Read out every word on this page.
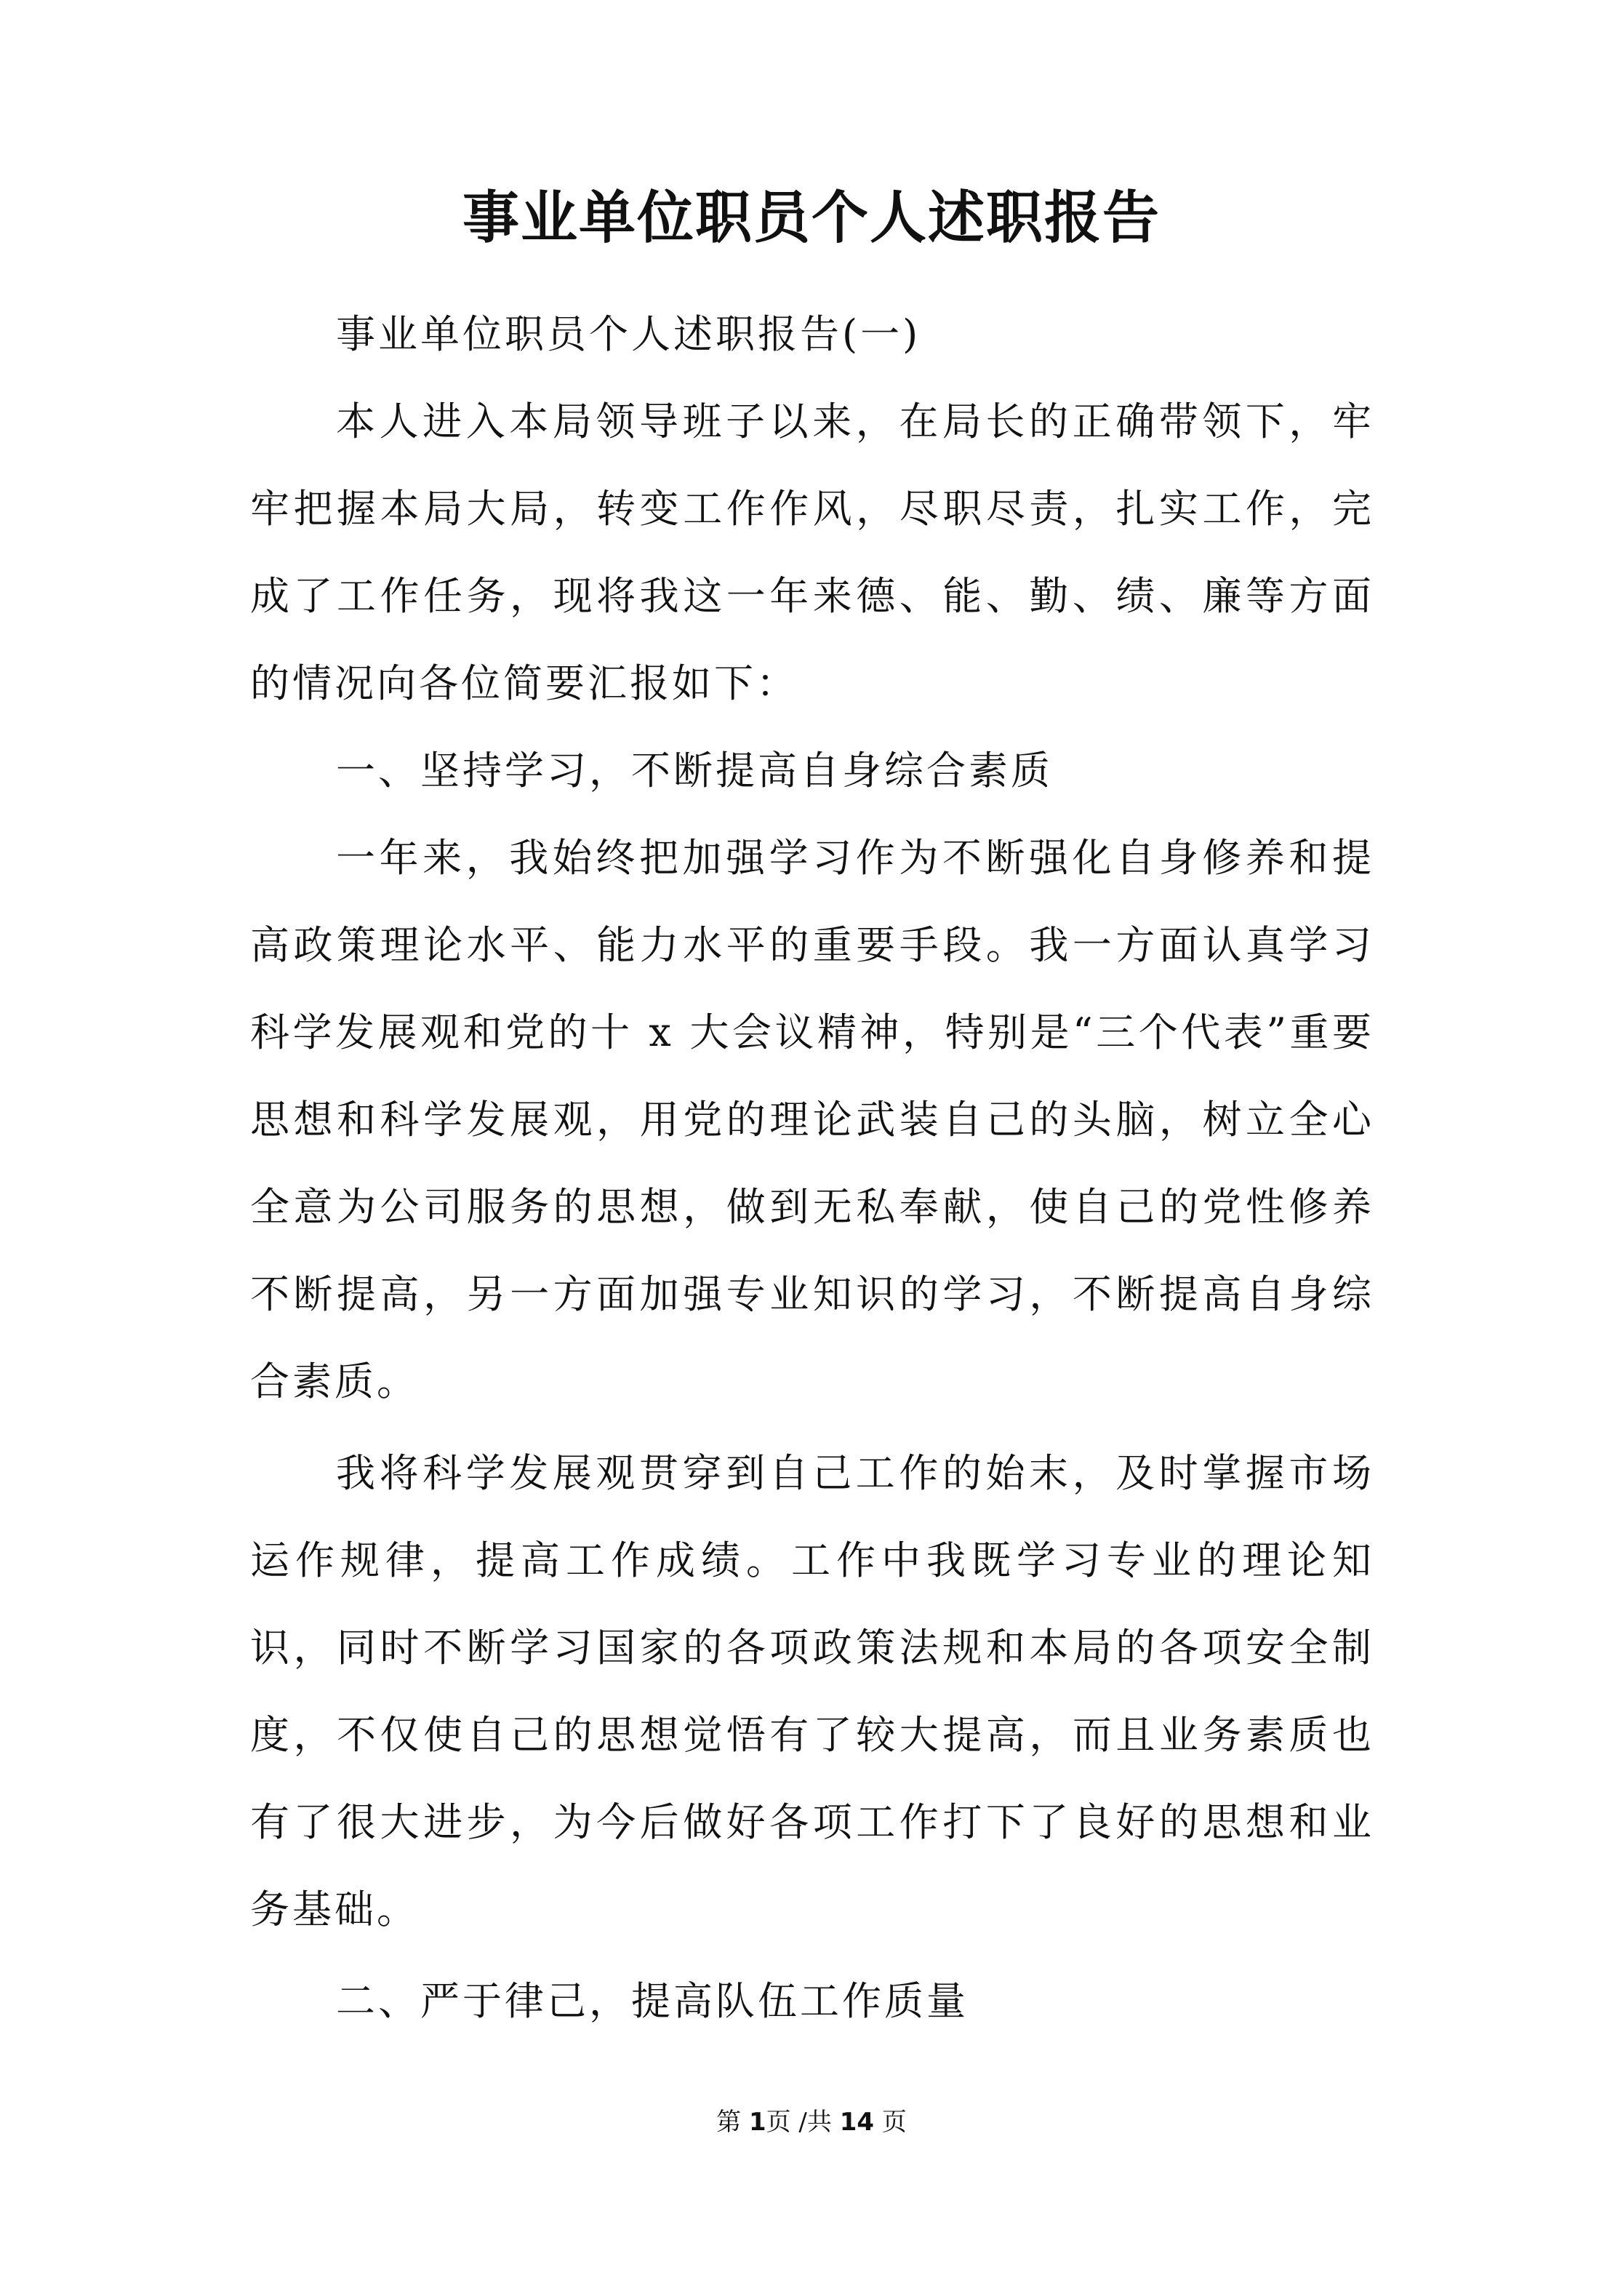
事业单位职员个人述职报告

事业单位职员个人述职报告(一)

本人进入本局领导班子以来，在局长的正确带领下，牢牢把握本局大局，转变工作作风，尽职尽责，扎实工作，完成了工作任务，现将我这一年来德、能、勤、绩、廉等方面的情况向各位简要汇报如下：

一、坚持学习，不断提高自身综合素质

一年来，我始终把加强学习作为不断强化自身修养和提高政策理论水平、能力水平的重要手段。我一方面认真学习科学发展观和党的十 x 大会议精神，特别是“三个代表”重要思想和科学发展观，用党的理论武装自己的头脑，树立全心全意为公司服务的思想，做到无私奉献，使自己的党性修养不断提高，另一方面加强专业知识的学习，不断提高自身综合素质。

我将科学发展观贯穿到自己工作的始末，及时掌握市场运作规律，提高工作成绩。工作中我既学习专业的理论知识，同时不断学习国家的各项政策法规和本局的各项安全制度，不仅使自己的思想觉悟有了较大提高，而且业务素质也有了很大进步，为今后做好各项工作打下了良好的思想和业务基础。

二、严于律己，提高队伍工作质量

第 1页 /共 14 页
